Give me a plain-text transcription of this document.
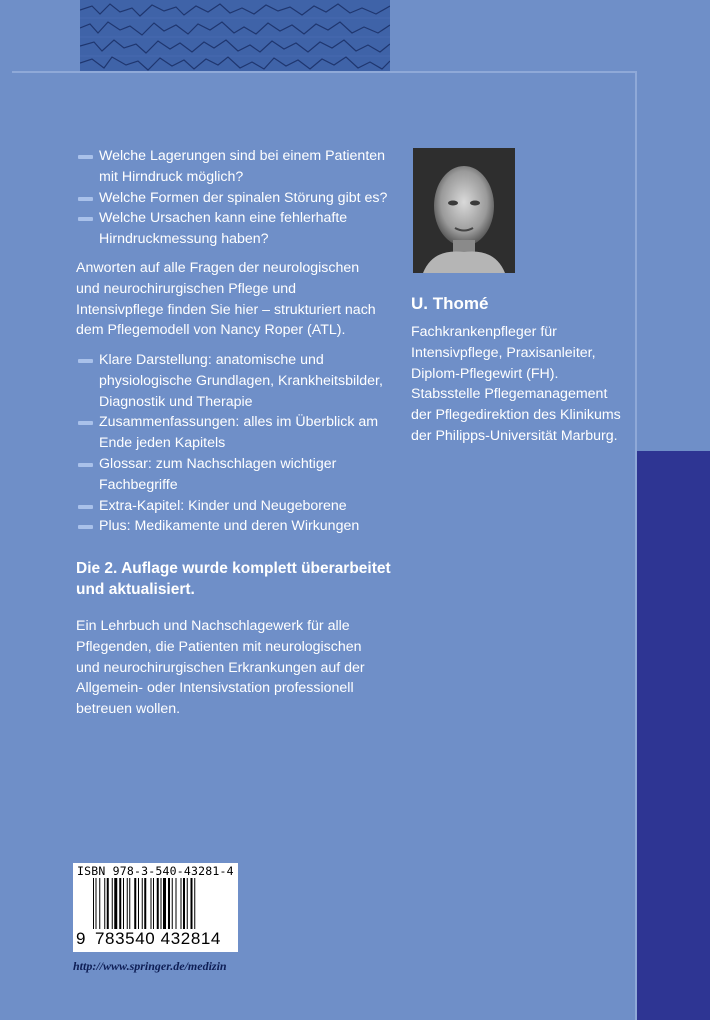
Welche Lagerungen sind bei einem Patienten mit Hirndruck möglich?
Welche Formen der spinalen Störung gibt es?
Welche Ursachen kann eine fehlerhafte Hirndruckmessung haben?

Anworten auf alle Fragen der neurologischen und neurochirurgischen Pflege und Intensivpflege finden Sie hier – strukturiert nach dem Pflegemodell von Nancy Roper (ATL).

Klare Darstellung: anatomische und physiologische Grundlagen, Krankheitsbilder, Diagnostik und Therapie
Zusammenfassungen: alles im Überblick am Ende jeden Kapitels
Glossar: zum Nachschlagen wichtiger Fachbegriffe
Extra-Kapitel: Kinder und Neugeborene
Plus: Medikamente und deren Wirkungen

Die 2. Auflage wurde komplett überarbeitet und aktualisiert.

Ein Lehrbuch und Nachschlagewerk für alle Pflegenden, die Patienten mit neurologischen und neurochirurgischen Erkrankungen auf der Allgemein- oder Intensivstation professionell betreuen wollen.

U. Thomé

Fachkrankenpfleger für Intensivpflege, Praxisanleiter, Diplom-Pflegewirt (FH). Stabsstelle Pflegemanagement der Pflegedirektion des Klinikums der Philipps-Universität Marburg.

ISBN 978-3-540-43281-4
9 783540 432814
http://www.springer.de/medizin
